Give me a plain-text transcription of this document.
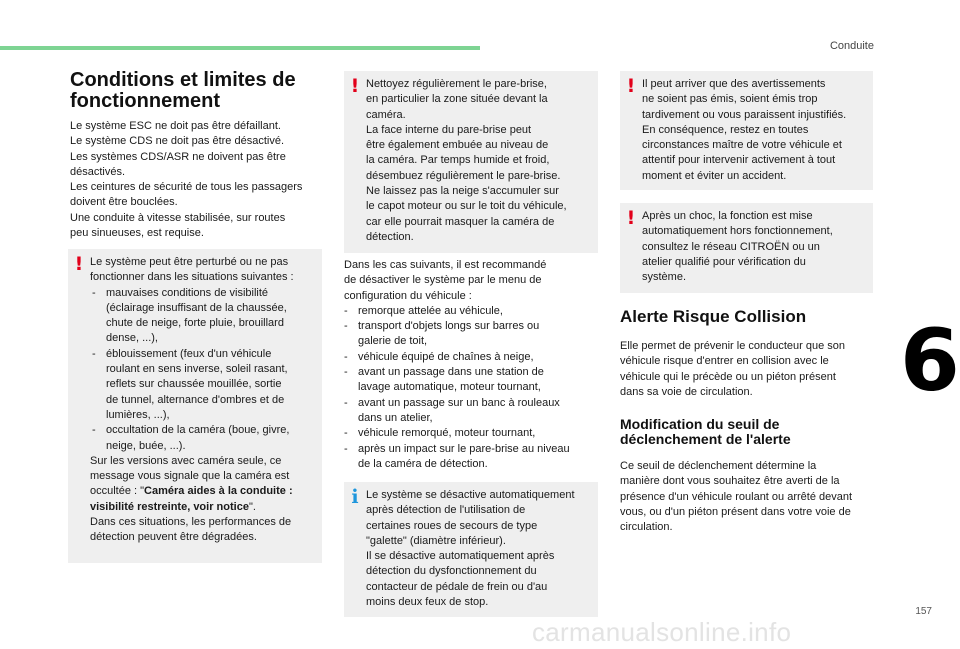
Conduite
6
157
carmanualsonline.info
Conditions et limites de
fonctionnement

Le système ESC ne doit pas être défaillant.

Le système CDS ne doit pas être désactivé.

Les systèmes CDS/ASR ne doivent pas être

désactivés.

Les ceintures de sécurité de tous les passagers

doivent être bouclées.

Une conduite à vitesse stabilisée, sur routes

peu sinueuses, est requise.

! Le système peut être perturbé ou ne pas

fonctionner dans les situations suivantes :

- mauvaises conditions de visibilité

(éclairage insuffisant de la chaussée,

chute de neige, forte pluie, brouillard

dense, ...),

- éblouissement (feux d'un véhicule

roulant en sens inverse, soleil rasant,

reflets sur chaussée mouillée, sortie

de tunnel, alternance d'ombres et de

lumières, ...),

- occultation de la caméra (boue, givre,

neige, buée, ...).

Sur les versions avec caméra seule, ce

message vous signale que la caméra est

occultée : "Caméra aides à la conduite :

visibilité restreinte, voir notice".

Dans ces situations, les performances de

détection peuvent être dégradées.

! Nettoyez régulièrement le pare-brise,

en particulier la zone située devant la

caméra.

La face interne du pare-brise peut

être également embuée au niveau de

la caméra. Par temps humide et froid,

désembuez régulièrement le pare-brise.

Ne laissez pas la neige s'accumuler sur

le capot moteur ou sur le toit du véhicule,

car elle pourrait masquer la caméra de

détection.

Dans les cas suivants, il est recommandé

de désactiver le système par le menu de

configuration du véhicule :

- remorque attelée au véhicule,

- transport d'objets longs sur barres ou

galerie de toit,

- véhicule équipé de chaînes à neige,

- avant un passage dans une station de

lavage automatique, moteur tournant,

- avant un passage sur un banc à rouleaux

dans un atelier,

- véhicule remorqué, moteur tournant,

- après un impact sur le pare-brise au niveau

de la caméra de détection.

i Le système se désactive automatiquement

après détection de l'utilisation de

certaines roues de secours de type

"galette" (diamètre inférieur).

Il se désactive automatiquement après

détection du dysfonctionnement du

contacteur de pédale de frein ou d'au

moins deux feux de stop.

! Il peut arriver que des avertissements

ne soient pas émis, soient émis trop

tardivement ou vous paraissent injustifiés.

En conséquence, restez en toutes

circonstances maître de votre véhicule et

attentif pour intervenir activement à tout

moment et éviter un accident.

! Après un choc, la fonction est mise

automatiquement hors fonctionnement,

consultez le réseau CITROËN ou un

atelier qualifié pour vérification du

système.

Alerte Risque Collision

Elle permet de prévenir le conducteur que son

véhicule risque d'entrer en collision avec le

véhicule qui le précède ou un piéton présent

dans sa voie de circulation.

Modification du seuil de
déclenchement de l'alerte

Ce seuil de déclenchement détermine la

manière dont vous souhaitez être averti de la

présence d'un véhicule roulant ou arrêté devant

vous, ou d'un piéton présent dans votre voie de

circulation.
